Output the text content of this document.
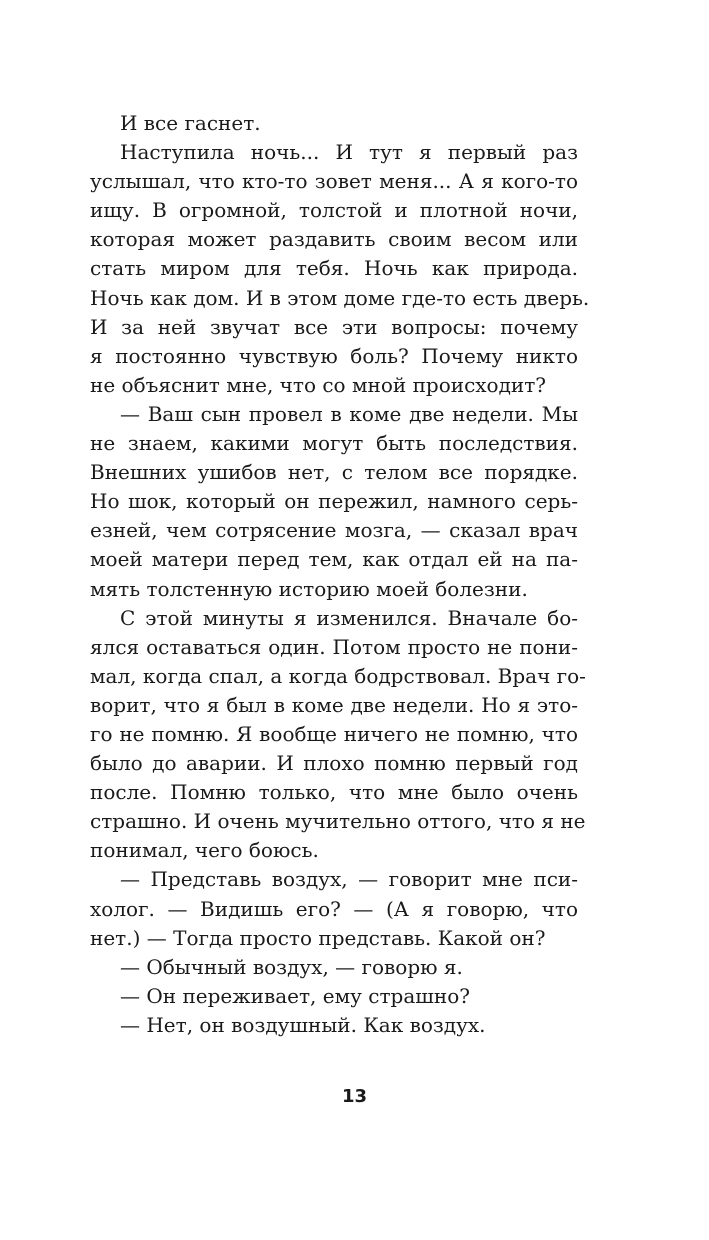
И все гаснет.
Наступила ночь... И тут я первый раз
услышал, что кто-то зовет меня... А я кого-то
ищу. В огромной, толстой и плотной ночи,
которая может раздавить своим весом или
стать миром для тебя. Ночь как природа.
Ночь как дом. И в этом доме где-то есть дверь.
И за ней звучат все эти вопросы: почему
я постоянно чувствую боль? Почему никто
не объяснит мне, что со мной происходит?
— Ваш сын провел в коме две недели. Мы
не знаем, какими могут быть последствия.
Внешних ушибов нет, с телом все порядке.
Но шок, который он пережил, намного серь-
езней, чем сотрясение мозга, — сказал врач
моей матери перед тем, как отдал ей на па-
мять толстенную историю моей болезни.
С этой минуты я изменился. Вначале бо-
ялся оставаться один. Потом просто не пони-
мал, когда спал, а когда бодрствовал. Врач го-
ворит, что я был в коме две недели. Но я это-
го не помню. Я вообще ничего не помню, что
было до аварии. И плохо помню первый год
после. Помню только, что мне было очень
страшно. И очень мучительно оттого, что я не
понимал, чего боюсь.
— Представь воздух, — говорит мне пси-
холог. — Видишь его? — (А я говорю, что
нет.) — Тогда просто представь. Какой он?
— Обычный воздух, — говорю я.
— Он переживает, ему страшно?
— Нет, он воздушный. Как воздух.
13
